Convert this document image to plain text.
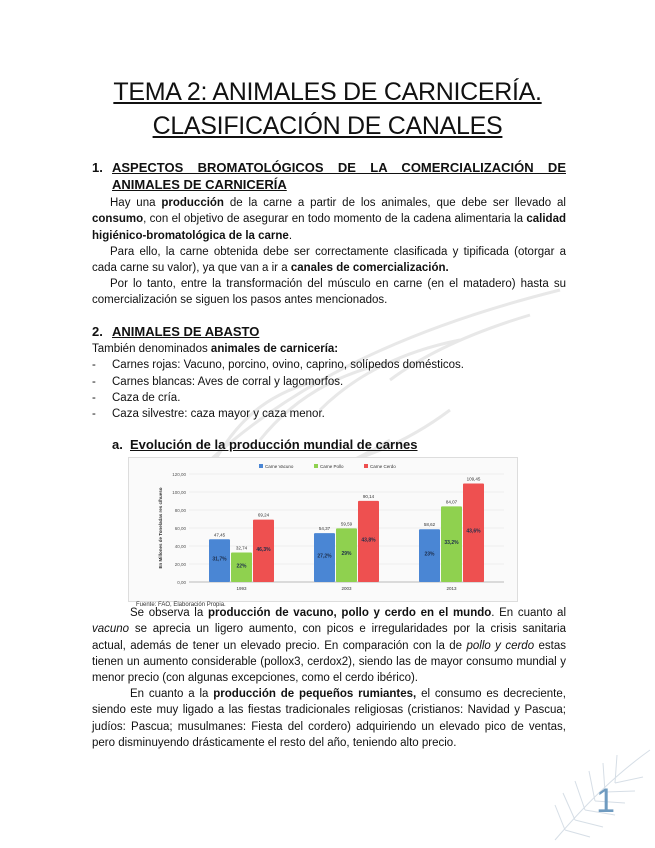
TEMA 2: ANIMALES DE CARNICERÍA.
CLASIFICACIÓN DE CANALES
1. ASPECTOS BROMATOLÓGICOS DE LA COMERCIALIZACIÓN DE
ANIMALES DE CARNICERÍA
Hay una producción de la carne a partir de los animales, que debe ser llevado al consumo, con el objetivo de asegurar en todo momento de la cadena alimentaria la calidad higiénico-bromatológica de la carne.
Para ello, la carne obtenida debe ser correctamente clasificada y tipificada (otorgar a cada carne su valor), ya que van a ir a canales de comercialización.
Por lo tanto, entre la transformación del músculo en carne (en el matadero) hasta su comercialización se siguen los pasos antes mencionados.
2. ANIMALES DE ABASTO
También denominados animales de carnicería:
- Carnes rojas: Vacuno, porcino, ovino, caprino, solípedos domésticos.
- Carnes blancas: Aves de corral y lagomorfos.
- Caza de cría.
- Caza silvestre: caza mayor y caza menor.
a. Evolución de la producción mundial de carnes
0,00
20,00
40,00
60,00
80,00
100,00
120,00
En Millones de Toneladas res c/hueso
Carne Vacuno	Carne Pollo	Carne Cerdo
47,45
31,7%
32,74
22%
69,24
46,3%
1993
54,37
27,2%
59,59
29%
90,14
43,8%
2003
58,62
23%
84,07
33,2%
109,45
43,6%
2013
Fuente: FAO, Elaboración Propia.
Se observa la producción de vacuno, pollo y cerdo en el mundo. En cuanto al vacuno se aprecia un ligero aumento, con picos e irregularidades por la crisis sanitaria actual, además de tener un elevado precio. En comparación con la de pollo y cerdo estas tienen un aumento considerable (pollox3, cerdox2), siendo las de mayor consumo mundial y menor precio (con algunas excepciones, como el cerdo ibérico).
En cuanto a la producción de pequeños rumiantes, el consumo es decreciente, siendo este muy ligado a las fiestas tradicionales religiosas (cristianos: Navidad y Pascua; judíos: Pascua; musulmanes: Fiesta del cordero) adquiriendo un elevado pico de ventas, pero disminuyendo drásticamente el resto del año, teniendo alto precio.
1
